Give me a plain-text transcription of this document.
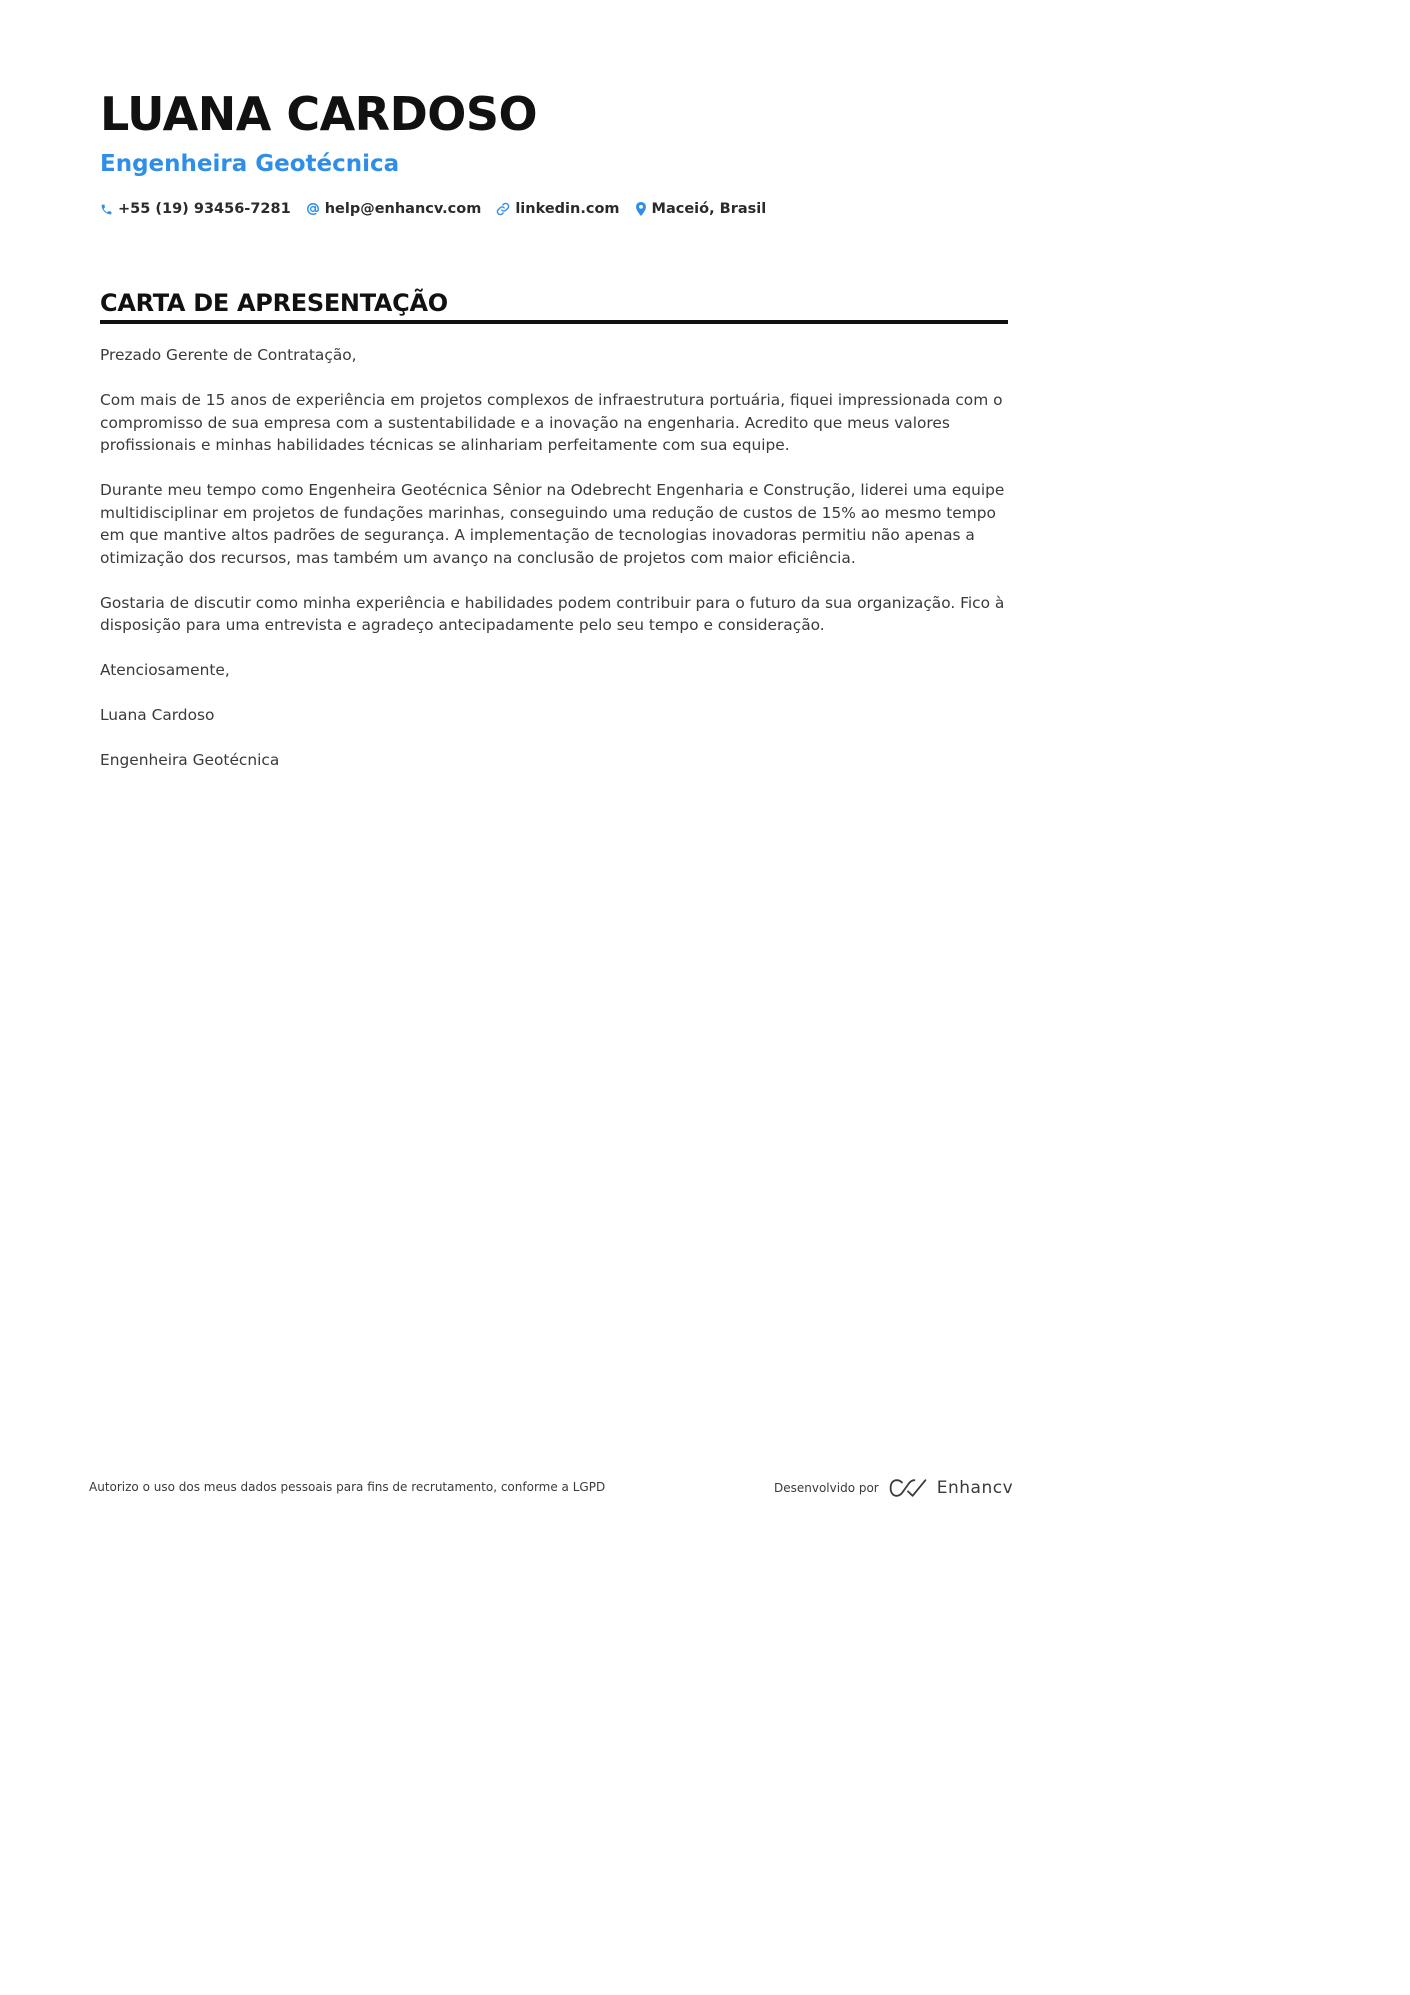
LUANA CARDOSO
Engenheira Geotécnica
+55 (19) 93456-7281 help@enhancv.com linkedin.com Maceió, Brasil
CARTA DE APRESENTAÇÃO

Prezado Gerente de Contratação,

Com mais de 15 anos de experiência em projetos complexos de infraestrutura portuária, fiquei impressionada com o compromisso de sua empresa com a sustentabilidade e a inovação na engenharia. Acredito que meus valores profissionais e minhas habilidades técnicas se alinhariam perfeitamente com sua equipe.

Durante meu tempo como Engenheira Geotécnica Sênior na Odebrecht Engenharia e Construção, liderei uma equipe multidisciplinar em projetos de fundações marinhas, conseguindo uma redução de custos de 15% ao mesmo tempo em que mantive altos padrões de segurança. A implementação de tecnologias inovadoras permitiu não apenas a otimização dos recursos, mas também um avanço na conclusão de projetos com maior eficiência.

Gostaria de discutir como minha experiência e habilidades podem contribuir para o futuro da sua organização. Fico à disposição para uma entrevista e agradeço antecipadamente pelo seu tempo e consideração.

Atenciosamente,

Luana Cardoso

Engenheira Geotécnica

Autorizo o uso dos meus dados pessoais para fins de recrutamento, conforme a LGPD	Desenvolvido por	Enhancv
